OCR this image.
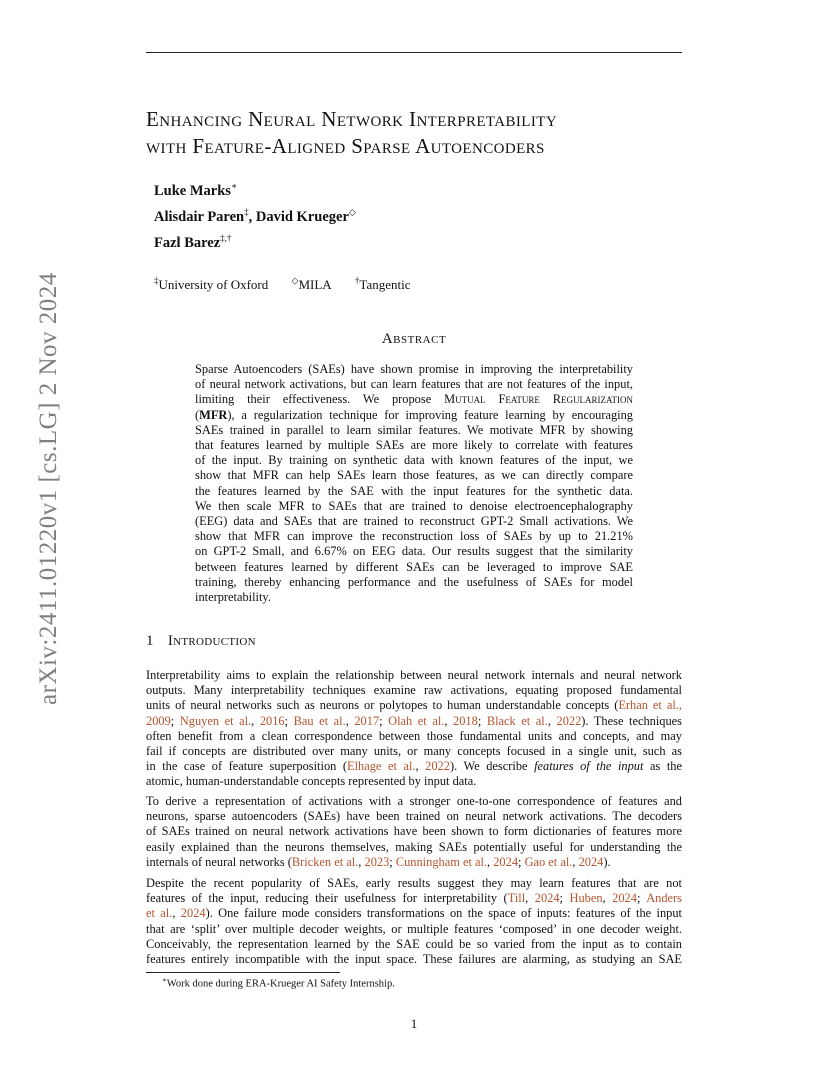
arXiv:2411.01220v1 [cs.LG] 2 Nov 2024
Enhancing Neural Network Interpretability
with Feature-Aligned Sparse Autoencoders
Luke Marks∗
Alisdair Paren‡, David Krueger◇
Fazl Barez‡,†
‡University of Oxford	◇MILA	†Tangentic
Abstract
Sparse Autoencoders (SAEs) have shown promise in improving the interpretability
of neural network activations, but can learn features that are not features of the input,
limiting their effectiveness. We propose Mutual Feature Regularization
(MFR), a regularization technique for improving feature learning by encouraging
SAEs trained in parallel to learn similar features. We motivate MFR by showing
that features learned by multiple SAEs are more likely to correlate with features
of the input. By training on synthetic data with known features of the input, we
show that MFR can help SAEs learn those features, as we can directly compare
the features learned by the SAE with the input features for the synthetic data.
We then scale MFR to SAEs that are trained to denoise electroencephalography
(EEG) data and SAEs that are trained to reconstruct GPT-2 Small activations. We
show that MFR can improve the reconstruction loss of SAEs by up to 21.21%
on GPT-2 Small, and 6.67% on EEG data. Our results suggest that the similarity
between features learned by different SAEs can be leveraged to improve SAE
training, thereby enhancing performance and the usefulness of SAEs for model
interpretability.
1 Introduction
Interpretability aims to explain the relationship between neural network internals and neural network
outputs. Many interpretability techniques examine raw activations, equating proposed fundamental
units of neural networks such as neurons or polytopes to human understandable concepts (Erhan et al.,
2009; Nguyen et al., 2016; Bau et al., 2017; Olah et al., 2018; Black et al., 2022). These techniques
often benefit from a clean correspondence between those fundamental units and concepts, and may
fail if concepts are distributed over many units, or many concepts focused in a single unit, such as
in the case of feature superposition (Elhage et al., 2022). We describe features of the input as the
atomic, human-understandable concepts represented by input data.
To derive a representation of activations with a stronger one-to-one correspondence of features and
neurons, sparse autoencoders (SAEs) have been trained on neural network activations. The decoders
of SAEs trained on neural network activations have been shown to form dictionaries of features more
easily explained than the neurons themselves, making SAEs potentially useful for understanding the
internals of neural networks (Bricken et al., 2023; Cunningham et al., 2024; Gao et al., 2024).
Despite the recent popularity of SAEs, early results suggest they may learn features that are not
features of the input, reducing their usefulness for interpretability (Till, 2024; Huben, 2024; Anders
et al., 2024). One failure mode considers transformations on the space of inputs: features of the input
that are ‘split’ over multiple decoder weights, or multiple features ‘composed’ in one decoder weight.
Conceivably, the representation learned by the SAE could be so varied from the input as to contain
features entirely incompatible with the input space. These failures are alarming, as studying an SAE
∗Work done during ERA-Krueger AI Safety Internship.
1
